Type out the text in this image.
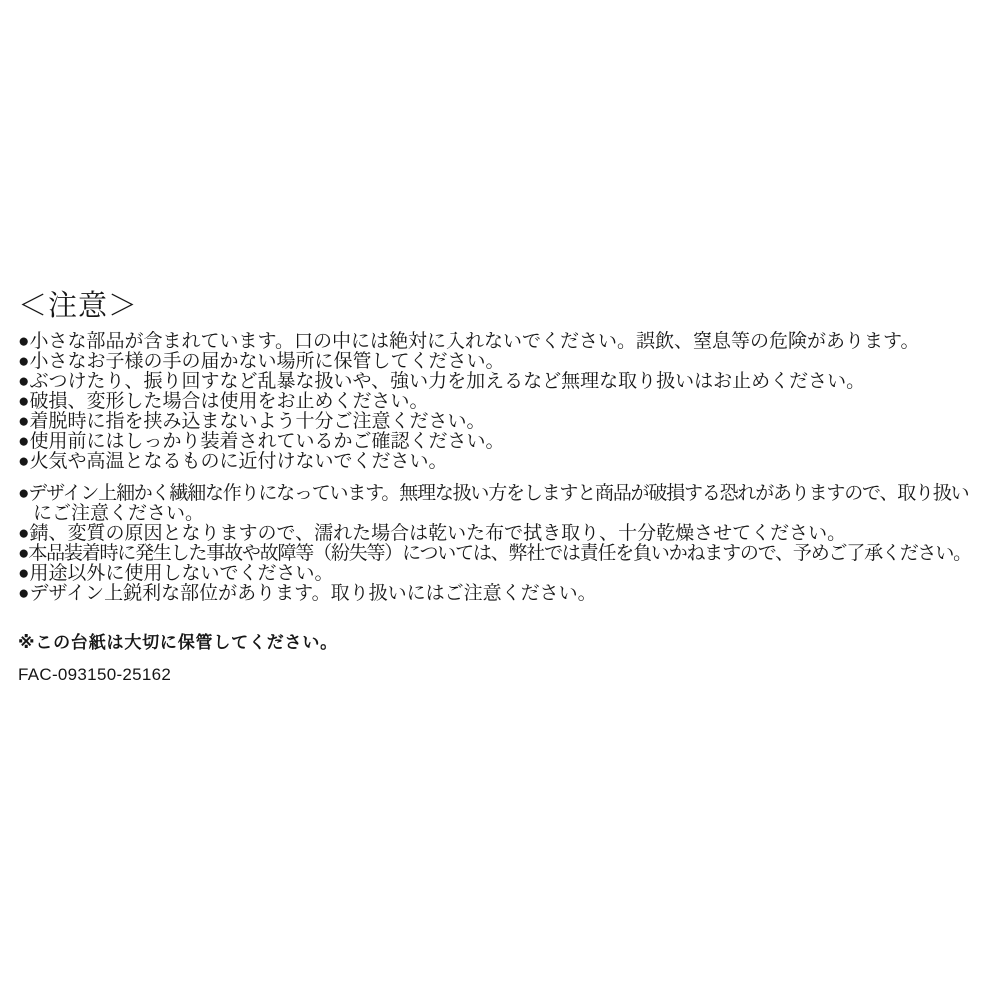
＜注意＞
●小さな部品が含まれています。口の中には絶対に入れないでください。誤飲、窒息等の危険があります。
●小さなお子様の手の届かない場所に保管してください。
●ぶつけたり、振り回すなど乱暴な扱いや、強い力を加えるなど無理な取り扱いはお止めください。
●破損、変形した場合は使用をお止めください。
●着脱時に指を挟み込まないよう十分ご注意ください。
●使用前にはしっかり装着されているかご確認ください。
●火気や高温となるものに近付けないでください。
●デザイン上細かく繊細な作りになっています。無理な扱い方をしますと商品が破損する恐れがありますので、取り扱い
にご注意ください。
●錆、変質の原因となりますので、濡れた場合は乾いた布で拭き取り、十分乾燥させてください。
●本品装着時に発生した事故や故障等（紛失等）については、弊社では責任を負いかねますので、予めご了承ください。
●用途以外に使用しないでください。
●デザイン上鋭利な部位があります。取り扱いにはご注意ください。
※この台紙は大切に保管してください。
FAC-093150-25162
